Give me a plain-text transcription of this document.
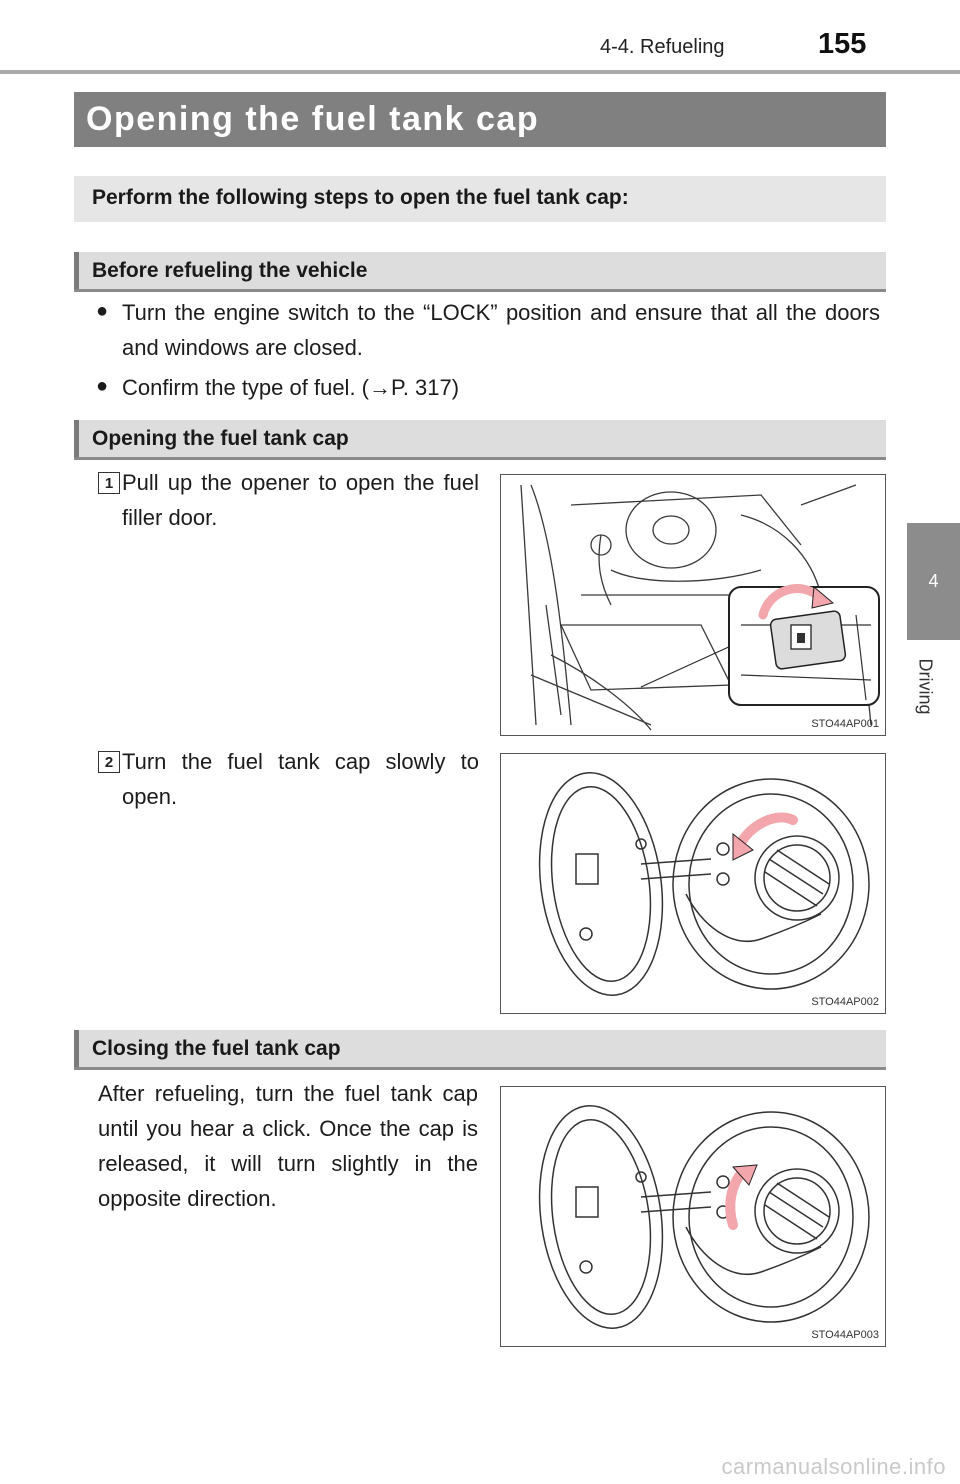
4-4. Refueling	155
4
Driving
Opening the fuel tank cap
Perform the following steps to open the fuel tank cap:
Before refueling the vehicle
● Turn the engine switch to the “LOCK” position and ensure that all the doors and windows are closed.
● Confirm the type of fuel. (→P. 317)
Opening the fuel tank cap
1 Pull up the opener to open the fuel filler door.
STO44AP001
2 Turn the fuel tank cap slowly to open.
STO44AP002
Closing the fuel tank cap
After refueling, turn the fuel tank cap until you hear a click. Once the cap is released, it will turn slightly in the opposite direction.
STO44AP003
carmanualsonline.info
